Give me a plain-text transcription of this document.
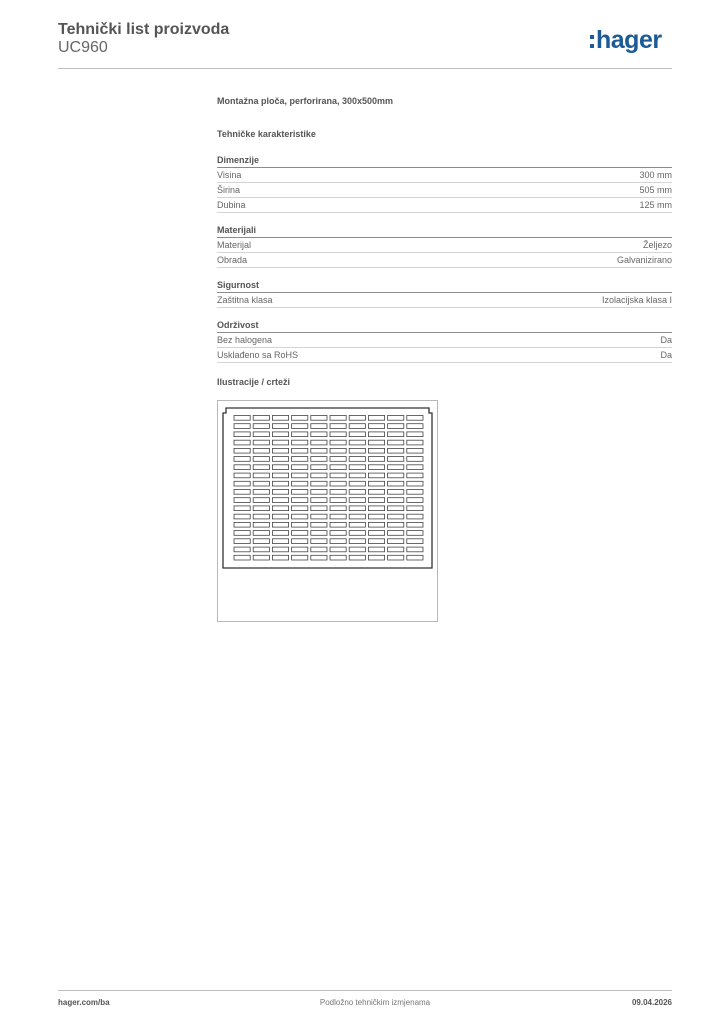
Tehnički list proizvoda
UC960	hager
Montažna ploča, perforirana, 300x500mm
Tehničke karakteristike
Dimenzije
Visina	300 mm
Širina	505 mm
Dubina	125 mm
Materijali
Materijal	Željezo
Obrada	Galvanizirano
Sigurnost
Zaštitna klasa	Izolacijska klasa I
Održivost
Bez halogena	Da
Usklađeno sa RoHS	Da
Ilustracije / crteži
hager.com/ba	Podložno tehničkim izmjenama	09.04.2026
